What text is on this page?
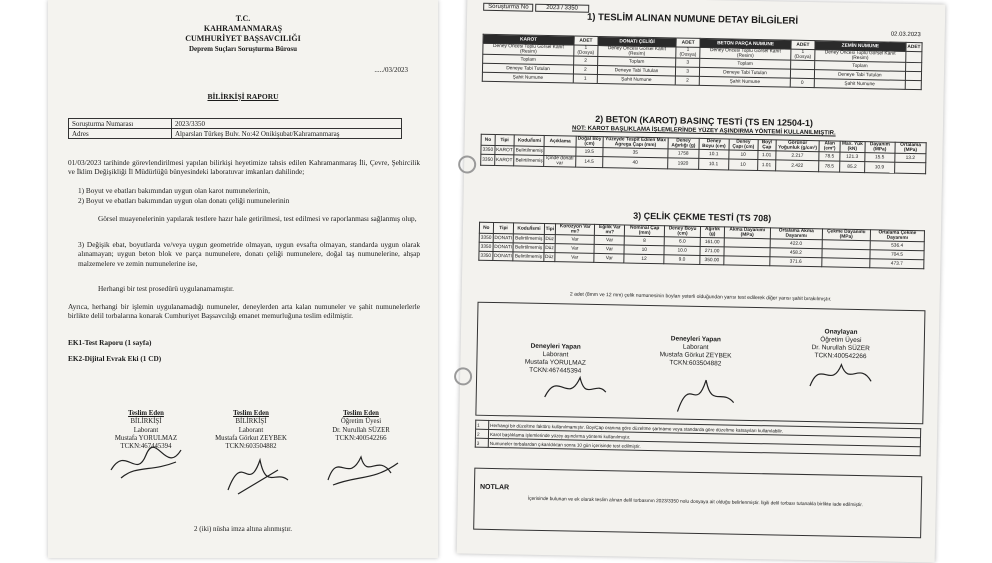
T.C.
KAHRAMANMARAŞ
CUMHURİYET BAŞSAVCILIĞI
Deprem Suçları Soruşturma Bürosu
...../03/2023
BİLİRKİŞİ RAPORU
Soruşturma Numarası	2023/3350
Adres	Alparslan Türkeş Bulv. No:42 Onikişubat/Kahramanmaraş
01/03/2023 tarihinde görevlendirilmesi yapılan bilirkişi heyetimize tahsis edilen Kahramanmaraş İli, Çevre, Şehircilik ve İklim Değişikliği İl Müdürlüğü bünyesindeki laboratuvar imkanları dahilinde;
1) Boyut ve ebatları bakımından uygun olan karot numunelerinin,
2) Boyut ve ebatları bakımından uygun olan donatı çeliği numunelerinin
Görsel muayenelerinin yapılarak testlere hazır hale getirilmesi, test edilmesi ve raporlanması sağlanmış olup,
3) Değişik ebat, boyutlarda ve/veya uygun geometride olmayan, uygun evsafta olmayan, standarda uygun olarak alınamayan; uygun beton blok ve parça numunelere, donatı çeliği numunelere, doğal taş numunelerine, ahşap malzemelere ve zemin numunelerine ise,
Herhangi bir test prosedürü uygulanamamıştır.
Ayrıca, herhangi bir işlemin uygulanamadığı numuneler, deneylerden arta kalan numuneler ve şahit numunelerlerle birlikte delil torbalarına konarak Cumhuriyet Başsavcılığı emanet memurluğuna teslim edilmiştir.
EK1-Test Raporu (1 sayfa)
EK2-Dijital Evrak Eki (1 CD)
Teslim Eden
BİLİRKİŞİ
Laborant
Mustafa YORULMAZ
TCKN:467445394
Teslim Eden
BİLİRKİŞİ
Laborant
Mustafa Görkut ZEYBEK
TCKN:603504882
Teslim Eden
Öğretim Üyesi
Dr. Nurullah SÜZER
TCKN:400542266
2 (iki) nüsha imza altına alınmıştır.
Soruşturma No	2023 / 3350
1) TESLİM ALINAN NUMUNE DETAY BİLGİLERİ
02.03.2023
KAROT	ADET	DONATI ÇELİĞİ	ADET	BETON PARÇA NUMUNE	ADET	ZEMİN NUMUNE	ADET
Deney Öncesi Toplu Görsel Kanıt (Resim)	1 (Dosya)	Deney Öncesi Görsel Kanıt (Resim)	1 (Dosya)	Deney Öncesi Toplu Görsel Kanıt (Resim)	1 (Dosya)	Deney Öncesi Toplu Görsel Kanıt (Resim)	
Toplam	2	Toplam	3	Toplam		Toplam	
Deneye Tabi Tutulan	2	Deneye Tabi Tutulan	3	Deneye Tabi Tutulan		Deneye Tabi Tutulan	
Şahit Numune	1	Şahit Numune	2	Şahit Numune	0	Şahit Numune	
2) BETON (KAROT) BASINÇ TESTİ (TS EN 12504-1)
NOT: KAROT BAŞLIKLAMA İŞLEMLERİNDE YÜZEY AŞINDIRMA YÖNTEMİ KULLANILMIŞTIR.
No	Tipi	Kodu/İsmi	Açıklama	Doğal Boy (cm)	Yüzeyde Tespit Edilen Max Agrega Çapı (mm)	Deney Ağırlığı (g)	Deney Boyu (cm)	Deney Çapı (cm)	Boy/Çap	Görünür Yoğunluk (g/cm³)	Alan (cm²)	Max. Yük (kN)	Dayanım (MPa)	Ortalama (MPa)
3350	KAROT	Belirtilmemiş		19.5	35	1758	10.1	10	1.01	2.217	78.5	121.3	15.5	13.2
3350	KAROT	Belirtilmemiş	İçinde donatı var	14.5	40	1920	10.1	10	1.01	2.422	78.5	85.2	10.9	
3) ÇELİK ÇEKME TESTİ (TS 708)
No	Tipi	Kodu/İsmi	Tipi	Korozyon Var mı?	Eğilik Var mı?	Nominal Çap (mm)	Deney Boyu (cm)	Ağırlık (g)	Akma Dayanımı (MPa)	Ortalama Akma Dayanımı	Çekme Dayanımı (MPa)	Ortalama Çekme Dayanımı
3350	DONATI	Belirtilmemiş	Düz	Var	Var	8	6.0	161.00		422.0		536.4
3350	DONATI	Belirtilmemiş	Düz	Var	Var	10	10.0	271.00		458.2		704.5
3350	DONATI	Belirtilmemiş	Düz	Var	Var	12	9.0	350.00		371.6		473.7
2 adet (8mm ve 12 mm) çelik numunesinin boyları yeterli olduğundan yarısı test edilerek diğer yarısı şahit bırakılmıştır.
Deneyleri Yapan
Laborant
Mustafa YORULMAZ
TCKN:467445394
Deneyleri Yapan
Laborant
Mustafa Görkut ZEYBEK
TCKN:603504882
Onaylayan
Öğretim Üyesi
Dr. Nurullah SÜZER
TCKN:400542266
1	Herhangi bir düzeltme faktörü kullanılmamıştır. Boy/Çap oranına göre düzeltme şartname veya standarda göre düzeltme katsayıları kullanılabilir.
2	Karot başlıklama işlemlerinde yüzey aşındırma yöntemi kullanılmıştır.
3	Numuneler torbalardan çıkarıldıktan sonra 10 gün içerisinde test edilmiştir.
NOTLAR
İçerisinde bulunan ve ek olarak teslim alınan delil torbasının 2023/3350 nolu dosyaya ait olduğu belirlenmiştir. İlgili delil torbası tutanakla birlikte iade edilmiştir.
